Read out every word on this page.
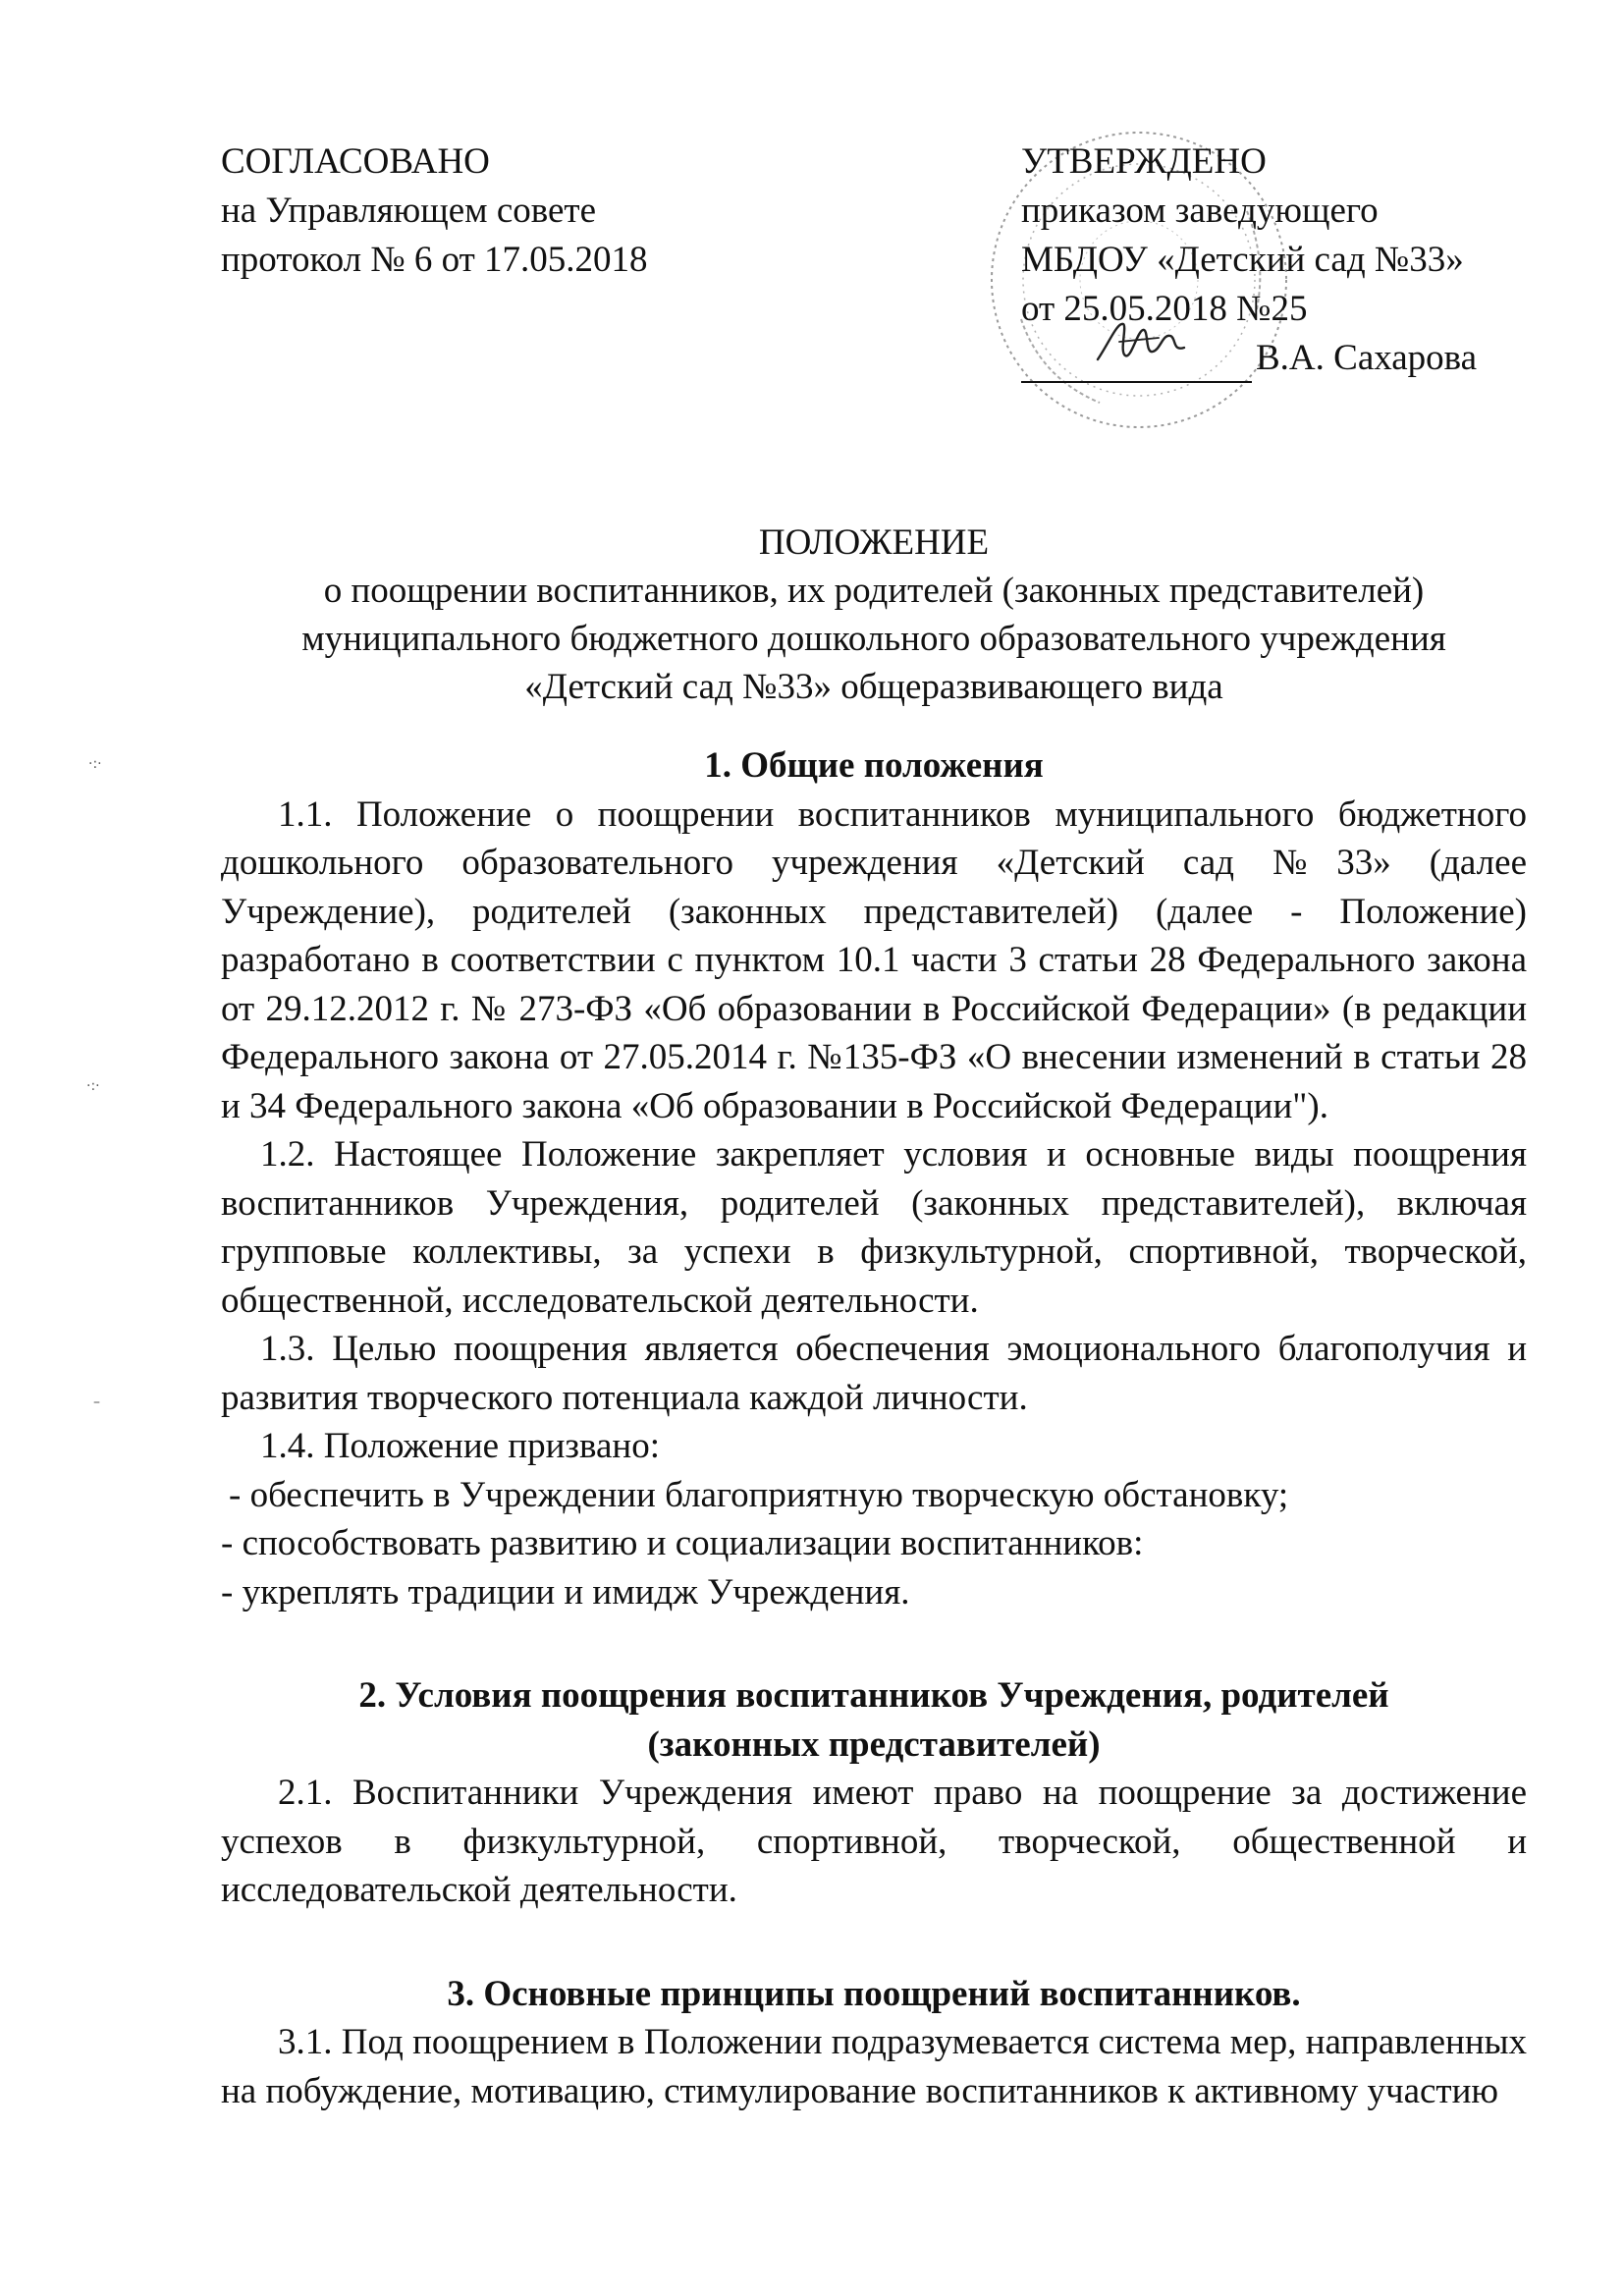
СОГЛАСОВАНО
на Управляющем совете
протокол № 6 от 17.05.2018
УТВЕРЖДЕНО
приказом заведующего
МБДОУ «Детский сад №33»
от 25.05.2018 №25
В.А. Сахарова
ПОЛОЖЕНИЕ
о поощрении воспитанников, их родителей (законных представителей)
муниципального бюджетного дошкольного образовательного учреждения
«Детский сад №33» общеразвивающего вида

1. Общие положения

1.1. Положение о поощрении воспитанников муниципального бюджетного дошкольного образовательного учреждения «Детский сад №33» (далее Учреждение), родителей (законных представителей) (далее - Положение) разработано в соответствии с пунктом 10.1 части 3 статьи 28 Федерального закона от 29.12.2012 г. № 273-ФЗ «Об образовании в Российской Федерации» (в редакции Федерального закона от 27.05.2014 г. №135-ФЗ «О внесении изменений в статьи 28 и 34 Федерального закона «Об образовании в Российской Федерации").

1.2. Настоящее Положение закрепляет условия и основные виды поощрения воспитанников Учреждения, родителей (законных представителей), включая групповые коллективы, за успехи в физкультурной, спортивной, творческой, общественной, исследовательской деятельности.

1.3. Целью поощрения является обеспечения эмоционального благополучия и развития творческого потенциала каждой личности.

1.4. Положение призвано:

- обеспечить в Учреждении благоприятную творческую обстановку;

- способствовать развитию и социализации воспитанников:

- укреплять традиции и имидж Учреждения.

2. Условия поощрения воспитанников Учреждения, родителей

(законных представителей)

2.1. Воспитанники Учреждения имеют право на поощрение за достижение успехов в физкультурной, спортивной, творческой, общественной и исследовательской деятельности.

3. Основные принципы поощрений воспитанников.

3.1. Под поощрением в Положении подразумевается система мер, направленных на побуждение, мотивацию, стимулирование воспитанников к активному участию

·:·
·:·
–
